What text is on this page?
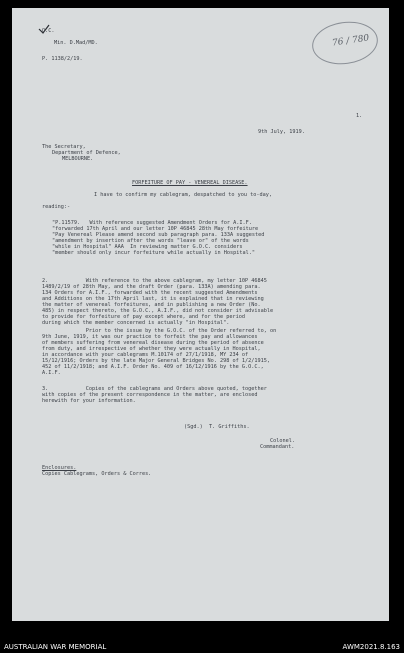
76 / 780
O.C.
Min. D.Mad/MD.
P. 1138/2/19.
1.
9th July, 1919.
The Secretary,
Department of Defence,
MELBOURNE.
FORFEITURE OF PAY - VENEREAL DISEASE.
I have to confirm my cablegram, despatched to you to-day,
reading:-
"P.11579.   With reference suggested Amendment Orders for A.I.F.
"forwarded 17th April and our letter 10P 46845 28th May forfeiture
"Pay Venereal Please amend second sub paragraph para. 133A suggested
"amendment by insertion after the words "leave or" of the words
"while in Hospital" AAA  In reviewing matter G.O.C. considers
"member should only incur forfeiture while actually in Hospital."
2.            With reference to the above cablegram, my letter 10P 46845
1489/2/19 of 28th May, and the draft Order (para. 133A) amending para.
134 Orders for A.I.F., forwarded with the recent suggested Amendments
and Additions on the 17th April last, it is explained that in reviewing
the matter of venereal forfeitures, and in publishing a new Order (No.
485) in respect thereto, the G.O.C., A.I.F., did not consider it advisable
to provide for forfeiture of pay except where, and for the period
during which the member concerned is actually "in Hospital".
Prior to the issue by the G.O.C. of the Order referred to, on
9th June, 1919, it was our practice to forfeit the pay and allowances
of members suffering from venereal disease during the period of absence
from duty, and irrespective of whether they were actually in Hospital,
in accordance with your cablegrams M.10174 of 27/1/1918, MY 234 of
15/12/1916; Orders by the late Major General Bridges No. 298 of 1/2/1915,
452 of 11/2/1918; and A.I.F. Order No. 409 of 16/12/1916 by the G.O.C.,
A.I.F.
3.            Copies of the cablegrams and Orders above quoted, together
with copies of the present correspondence in the matter, are enclosed
herewith for your information.
(Sgd.)  T. Griffiths.
Colonel.
Commandant.
Enclosures.
Copies Cablegrams, Orders & Corres.
AUSTRALIAN WAR MEMORIAL	AWM2021.8.163
